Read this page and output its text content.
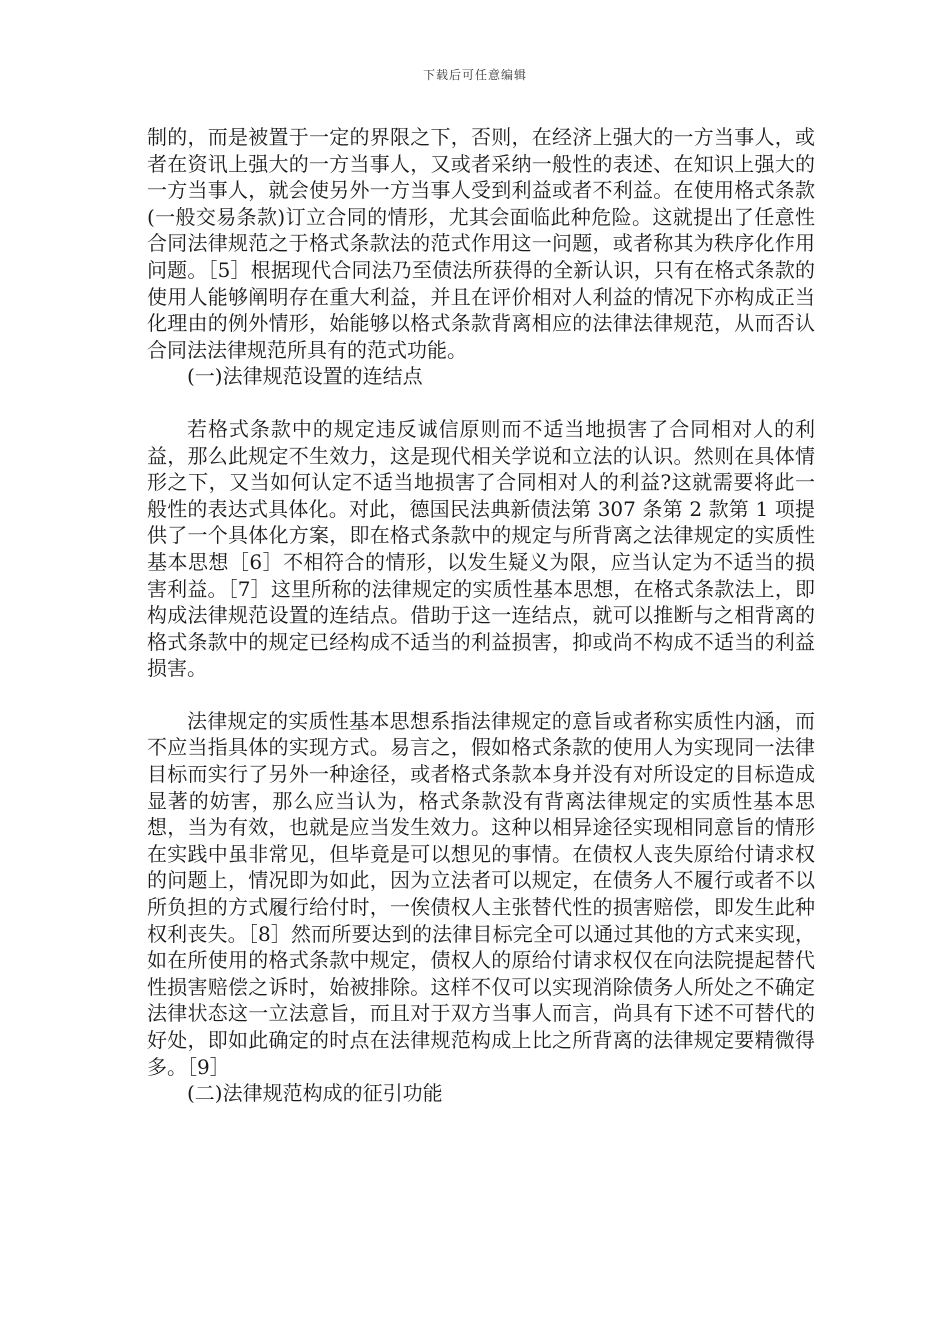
下载后可任意编辑

制的，而是被置于一定的界限之下，否则，在经济上强大的一方当事人，或者在资讯上强大的一方当事人，又或者采纳一般性的表述、在知识上强大的一方当事人，就会使另外一方当事人受到利益或者不利益。在使用格式条款(一般交易条款)订立合同的情形，尤其会面临此种危险。这就提出了任意性合同法律规范之于格式条款法的范式作用这一问题，或者称其为秩序化作用问题。［5］根据现代合同法乃至债法所获得的全新认识，只有在格式条款的使用人能够阐明存在重大利益，并且在评价相对人利益的情况下亦构成正当化理由的例外情形，始能够以格式条款背离相应的法律法律规范，从而否认合同法法律规范所具有的范式功能。

(一)法律规范设置的连结点

若格式条款中的规定违反诚信原则而不适当地损害了合同相对人的利益，那么此规定不生效力，这是现代相关学说和立法的认识。然则在具体情形之下，又当如何认定不适当地损害了合同相对人的利益?这就需要将此一般性的表达式具体化。对此，德国民法典新债法第 307 条第 2 款第 1 项提供了一个具体化方案，即在格式条款中的规定与所背离之法律规定的实质性基本思想［6］不相符合的情形，以发生疑义为限，应当认定为不适当的损害利益。［7］这里所称的法律规定的实质性基本思想，在格式条款法上，即构成法律规范设置的连结点。借助于这一连结点，就可以推断与之相背离的格式条款中的规定已经构成不适当的利益损害，抑或尚不构成不适当的利益损害。

法律规定的实质性基本思想系指法律规定的意旨或者称实质性内涵，而不应当指具体的实现方式。易言之，假如格式条款的使用人为实现同一法律目标而实行了另外一种途径，或者格式条款本身并没有对所设定的目标造成显著的妨害，那么应当认为，格式条款没有背离法律规定的实质性基本思想，当为有效，也就是应当发生效力。这种以相异途径实现相同意旨的情形在实践中虽非常见，但毕竟是可以想见的事情。在债权人丧失原给付请求权的问题上，情况即为如此，因为立法者可以规定，在债务人不履行或者不以所负担的方式履行给付时，一俟债权人主张替代性的损害赔偿，即发生此种权利丧失。［8］然而所要达到的法律目标完全可以通过其他的方式来实现，如在所使用的格式条款中规定，债权人的原给付请求权仅在向法院提起替代性损害赔偿之诉时，始被排除。这样不仅可以实现消除债务人所处之不确定法律状态这一立法意旨，而且对于双方当事人而言，尚具有下述不可替代的好处，即如此确定的时点在法律规范构成上比之所背离的法律规定要精微得多。［9］

(二)法律规范构成的征引功能
